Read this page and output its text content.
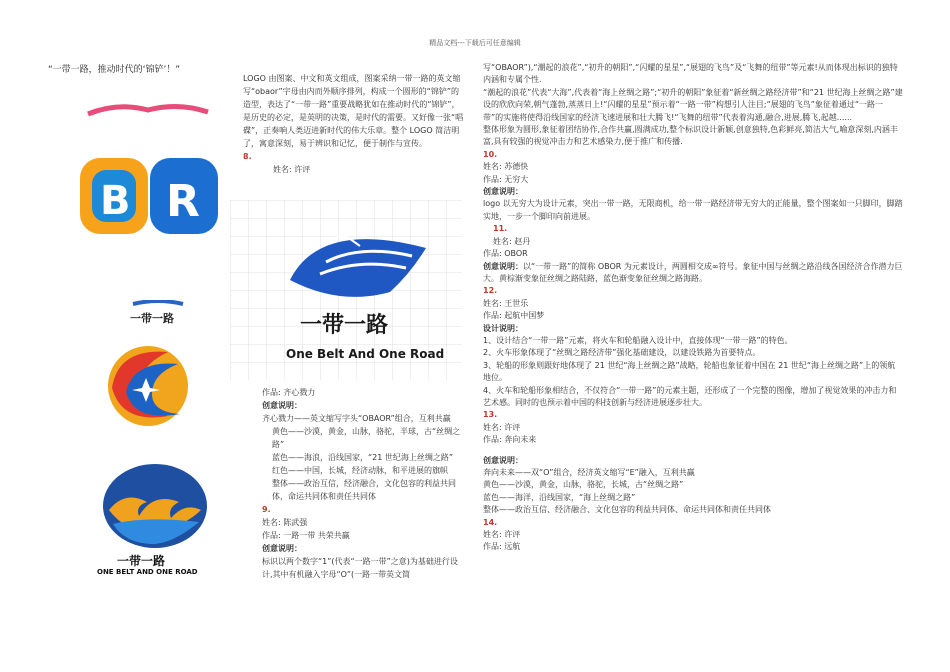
精品文档---下载后可任意编辑
“一带一路，推动时代的‘锦铲’！”
B R
一带一路
一带一路
ONE BELT AND ONE ROAD
一带一路
One Belt And One Road

LOGO 由图案、中文和英文组成，图案采纳一带一路的英文缩写“obaor”字母由内而外顺序排列，构成一个圆形的“锦铲”的造型，表达了“一带一路”重要战略犹如在推动时代的“锦铲”，是历史的必定，是英明的决策，是时代的需要。又好像一张“唱碟”，正奏响人类迈进新时代的伟大乐章。整个 LOGO 简洁明了，寓意深刻，易于辨识和记忆，便于制作与宣传。

8.

姓名: 许评

作品: 齐心戮力

创意说明：

齐心戮力——英文缩写字头“OBAOR”组合，互利共赢

黄色——沙漠，黄金，山脉，骆驼，半球，古“丝绸之路”

蓝色——海浪，沿线国家，“21 世纪海上丝绸之路”

红色——中国，长城，经济动脉，和平进展的旗帜

整体——政治互信，经济融合，文化包容的利益共同体，命运共同体和责任共同体

9.

姓名: 陈武强

作品: 一路一带 共荣共赢

创意说明：

标识以两个数字“1”(代表“一路一带”之意)为基础进行设计,其中有机融入字母“O”(一路一带英文简

写“OBAOR”),“潮起的浪花”,“初升的朝阳”,“闪耀的星星”,“展翅的飞鸟”及“飞舞的纽带”等元素!从而体现出标识的独特内涵和专属个性.

“潮起的浪花”代表“大海”,代表着“海上丝绸之路”;“初升的朝阳”象征着“新丝绸之路经济带”和“21 世纪海上丝绸之路”建设的欣欣向荣,朝气蓬勃,蒸蒸日上!“闪耀的星星”预示着“一路一带”构想引人注目;“展翅的飞鸟”象征着通过“一路一带”的实施将使得沿线国家的经济飞速进展和壮大腾飞!“飞舞的纽带”代表着沟通,融合,进展,腾飞,起越......

整体形象为圆形,象征着团结协作,合作共赢,圆满成功,整个标识设计新颖,创意独特,色彩鲜亮,简洁大气,喻意深刻,内涵丰富,具有较强的视觉冲击力和艺术感染力,便于推广和传播.

10.

姓名: 苏德快

作品: 无穷大

创意说明：

logo 以无穷大为设计元素，突出一带一路，无限商机，给一带一路经济带无穷大的正能量，整个图案如一只脚印，脚踏实地，一步一个脚印向前进展。

11.

姓名: 赵丹

作品: OBOR

创意说明：以“一带一路”的简称 OBOR 为元素设计，两圆相交成∞符号。象征中国与丝绸之路沿线各国经济合作潜力巨大。黄棕渐变象征丝绸之路陆路，蓝色渐变象征丝绸之路海路。

12.

姓名: 王世乐

作品: 起航中国梦

设计说明：

1、设计结合“一带一路”元素，将火车和轮船融入设计中，直接体现“一带一路”的特色。

2、火车形象体现了“丝绸之路经济带”强化基础建设，以建设铁路为首要特点。

3、轮船的形象则跟好地体现了 21 世纪“海上丝绸之路”战略，轮船也象征着中国在 21 世纪“海上丝绸之路”上的领航地位。

4、火车和轮船形象相结合，不仅符合“一带一路”的元素主题，还形成了一个完整的图像，增加了视觉效果的冲击力和艺术感。同时的也预示着中国的科技创新与经济进展逐步壮大。

13.

姓名: 许评

作品: 奔向未来

创意说明：

奔向未来——双“O”组合，经济英文缩写“E”融入，互利共赢

黄色——沙漠，黄金，山脉，骆驼，长城，古“丝绸之路”

蓝色——海洋，沿线国家，“海上丝绸之路”

整体——政治互信、经济融合、文化包容的利益共同体、命运共同体和责任共同体

14.

姓名: 许评

作品: 远航
